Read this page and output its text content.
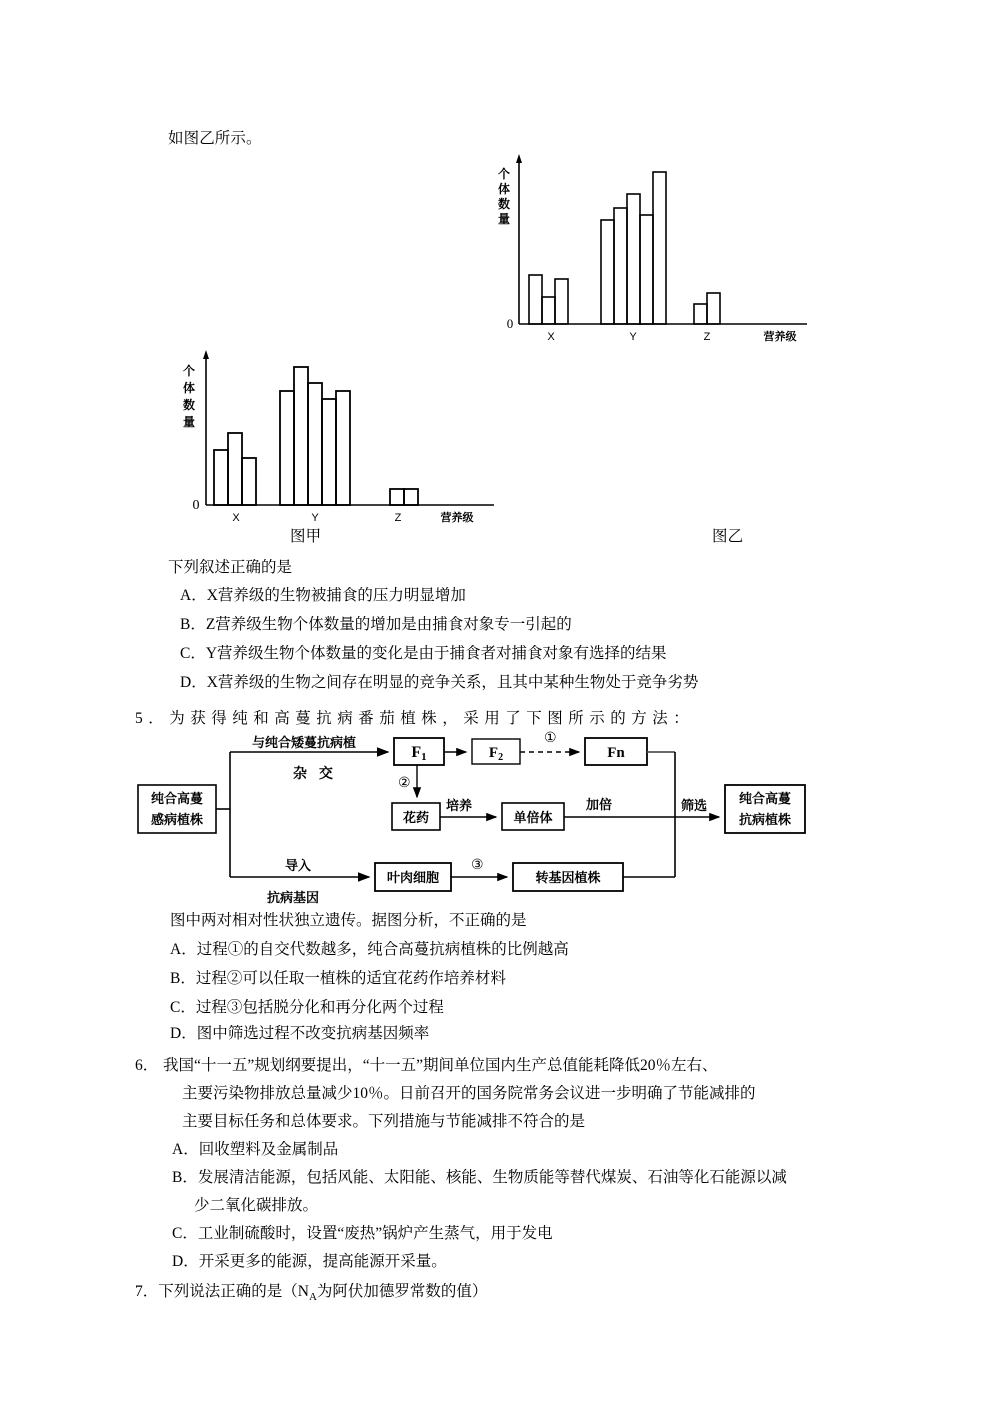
如图乙所示。
个
体
数
量
0
X	Y	Z	营养级
个
体
数
量
0
X	Y	Z	营养级
图甲	图乙
下列叙述正确的是
A．X营养级的生物被捕食的压力明显增加
B．Z营养级生物个体数量的增加是由捕食对象专一引起的
C．Y营养级生物个体数量的变化是由于捕食者对捕食对象有选择的结果
D．X营养级的生物之间存在明显的竞争关系，且其中某种生物处于竞争劣势
5．为获得纯和高蔓抗病番茄植株，采用了下图所示的方法：
纯合高蔓
感病植株
F1	$F_2$	Fn
花药	单倍体
叶肉细胞	转基因植株
纯合高蔓
抗病植株
与纯合矮蔓抗病植
杂 交
①
②
③
培养	加倍	筛选
导入
抗病基因
图中两对相对性状独立遗传。据图分析，不正确的是
A．过程①的自交代数越多，纯合高蔓抗病植株的比例越高
B．过程②可以任取一植株的适宜花药作培养材料
C．过程③包括脱分化和再分化两个过程
D．图中筛选过程不改变抗病基因频率
6． 我国“十一五”规划纲要提出，“十一五”期间单位国内生产总值能耗降低20％左右、
主要污染物排放总量减少10％。日前召开的国务院常务会议进一步明确了节能减排的
主要目标任务和总体要求。下列措施与节能减排不符合的是
A．回收塑料及金属制品
B．发展清洁能源，包括风能、太阳能、核能、生物质能等替代煤炭、石油等化石能源以减
少二氧化碳排放。
C．工业制硫酸时，设置“废热”锅炉产生蒸气，用于发电
D．开采更多的能源，提高能源开采量。
7．下列说法正确的是（$N_A$为阿伏加德罗常数的值）
